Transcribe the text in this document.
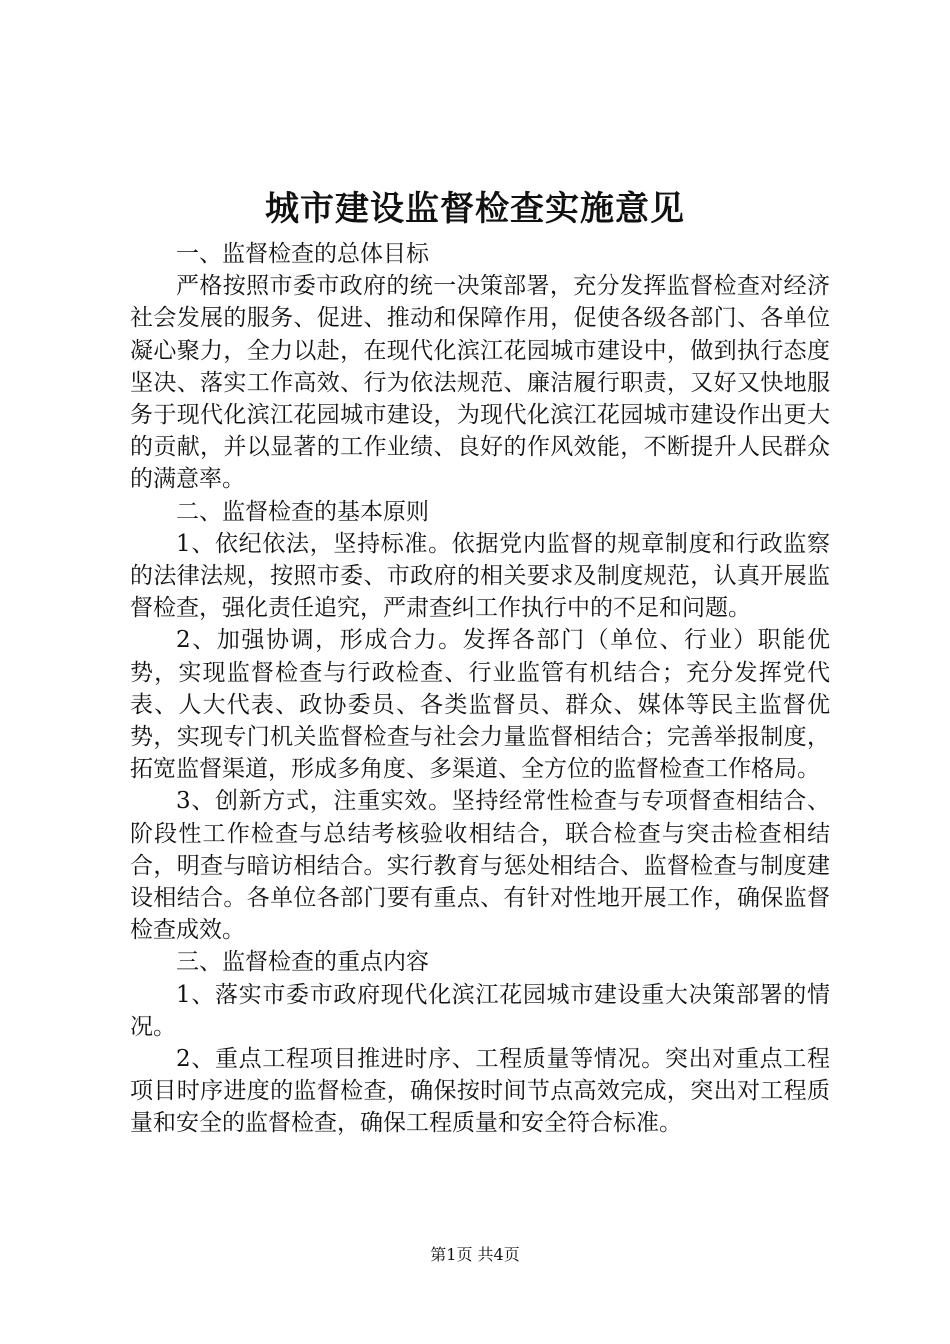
城市建设监督检查实施意见

一、监督检查的总体目标

严格按照市委市政府的统一决策部署，充分发挥监督检查对经济社会发展的服务、促进、推动和保障作用，促使各级各部门、各单位凝心聚力，全力以赴，在现代化滨江花园城市建设中，做到执行态度坚决、落实工作高效、行为依法规范、廉洁履行职责，又好又快地服务于现代化滨江花园城市建设，为现代化滨江花园城市建设作出更大的贡献，并以显著的工作业绩、良好的作风效能，不断提升人民群众的满意率。

二、监督检查的基本原则

1、依纪依法，坚持标准。依据党内监督的规章制度和行政监察的法律法规，按照市委、市政府的相关要求及制度规范，认真开展监督检查，强化责任追究，严肃查纠工作执行中的不足和问题。

2、加强协调，形成合力。发挥各部门（单位、行业）职能优势，实现监督检查与行政检查、行业监管有机结合；充分发挥党代表、人大代表、政协委员、各类监督员、群众、媒体等民主监督优势，实现专门机关监督检查与社会力量监督相结合；完善举报制度，拓宽监督渠道，形成多角度、多渠道、全方位的监督检查工作格局。

3、创新方式，注重实效。坚持经常性检查与专项督查相结合、阶段性工作检查与总结考核验收相结合，联合检查与突击检查相结合，明查与暗访相结合。实行教育与惩处相结合、监督检查与制度建设相结合。各单位各部门要有重点、有针对性地开展工作，确保监督检查成效。

三、监督检查的重点内容

1、落实市委市政府现代化滨江花园城市建设重大决策部署的情况。

2、重点工程项目推进时序、工程质量等情况。突出对重点工程项目时序进度的监督检查，确保按时间节点高效完成，突出对工程质量和安全的监督检查，确保工程质量和安全符合标准。

第1页 共4页
